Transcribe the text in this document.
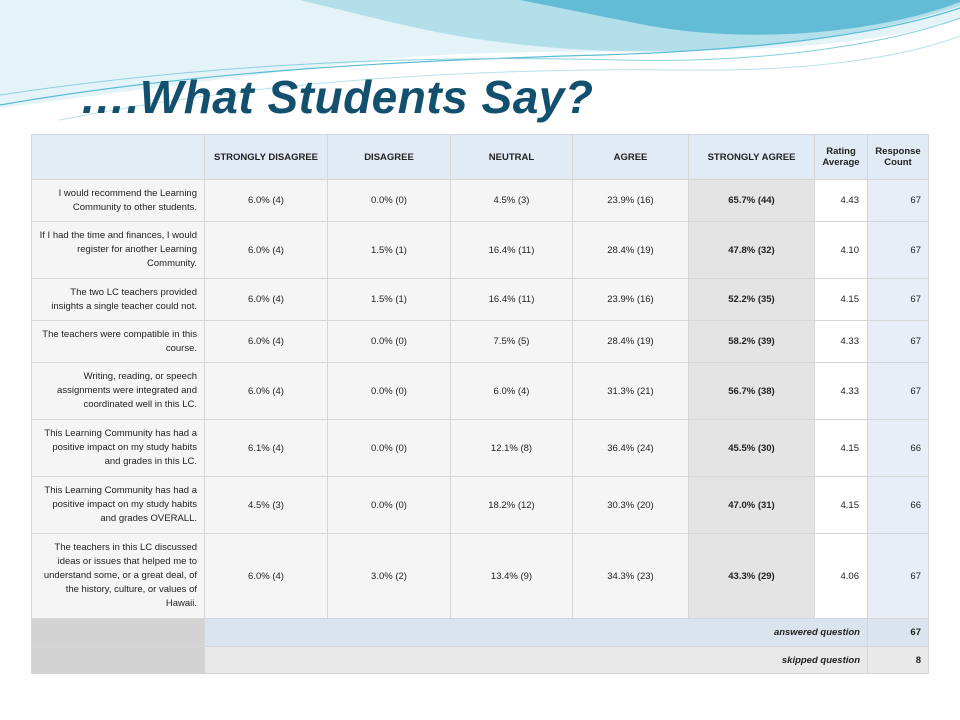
….What Students Say?
	STRONGLY DISAGREE	DISAGREE	NEUTRAL	AGREE	STRONGLY AGREE	Rating Average	Response Count
I would recommend the Learning Community to other students.	6.0% (4)	0.0% (0)	4.5% (3)	23.9% (16)	65.7% (44)	4.43	67
If I had the time and finances, I would register for another Learning Community.	6.0% (4)	1.5% (1)	16.4% (11)	28.4% (19)	47.8% (32)	4.10	67
The two LC teachers provided insights a single teacher could not.	6.0% (4)	1.5% (1)	16.4% (11)	23.9% (16)	52.2% (35)	4.15	67
The teachers were compatible in this course.	6.0% (4)	0.0% (0)	7.5% (5)	28.4% (19)	58.2% (39)	4.33	67
Writing, reading, or speech assignments were integrated and coordinated well in this LC.	6.0% (4)	0.0% (0)	6.0% (4)	31.3% (21)	56.7% (38)	4.33	67
This Learning Community has had a positive impact on my study habits and grades in this LC.	6.1% (4)	0.0% (0)	12.1% (8)	36.4% (24)	45.5% (30)	4.15	66
This Learning Community has had a positive impact on my study habits and grades OVERALL.	4.5% (3)	0.0% (0)	18.2% (12)	30.3% (20)	47.0% (31)	4.15	66
The teachers in this LC discussed ideas or issues that helped me to understand some, or a great deal, of the history, culture, or values of Hawaii.	6.0% (4)	3.0% (2)	13.4% (9)	34.3% (23)	43.3% (29)	4.06	67
	answered question						67
	skipped question						8
